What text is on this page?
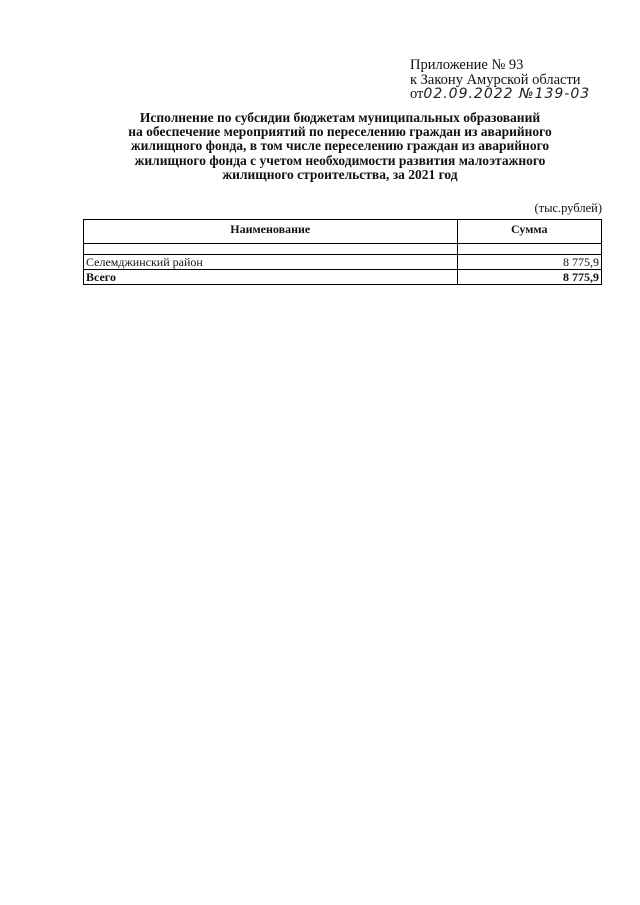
Приложение № 93
к Закону Амурской области
от02.09.2022 №139-03
Исполнение по субсидии бюджетам муниципальных образований
на обеспечение мероприятий по переселению граждан из аварийного
жилищного фонда, в том числе переселению граждан из аварийного
жилищного фонда с учетом необходимости развития малоэтажного
жилищного строительства, за 2021 год
(тыс.рублей)
Наименование	Сумма

Селемджинский район	8 775,9
Всего	8 775,9
